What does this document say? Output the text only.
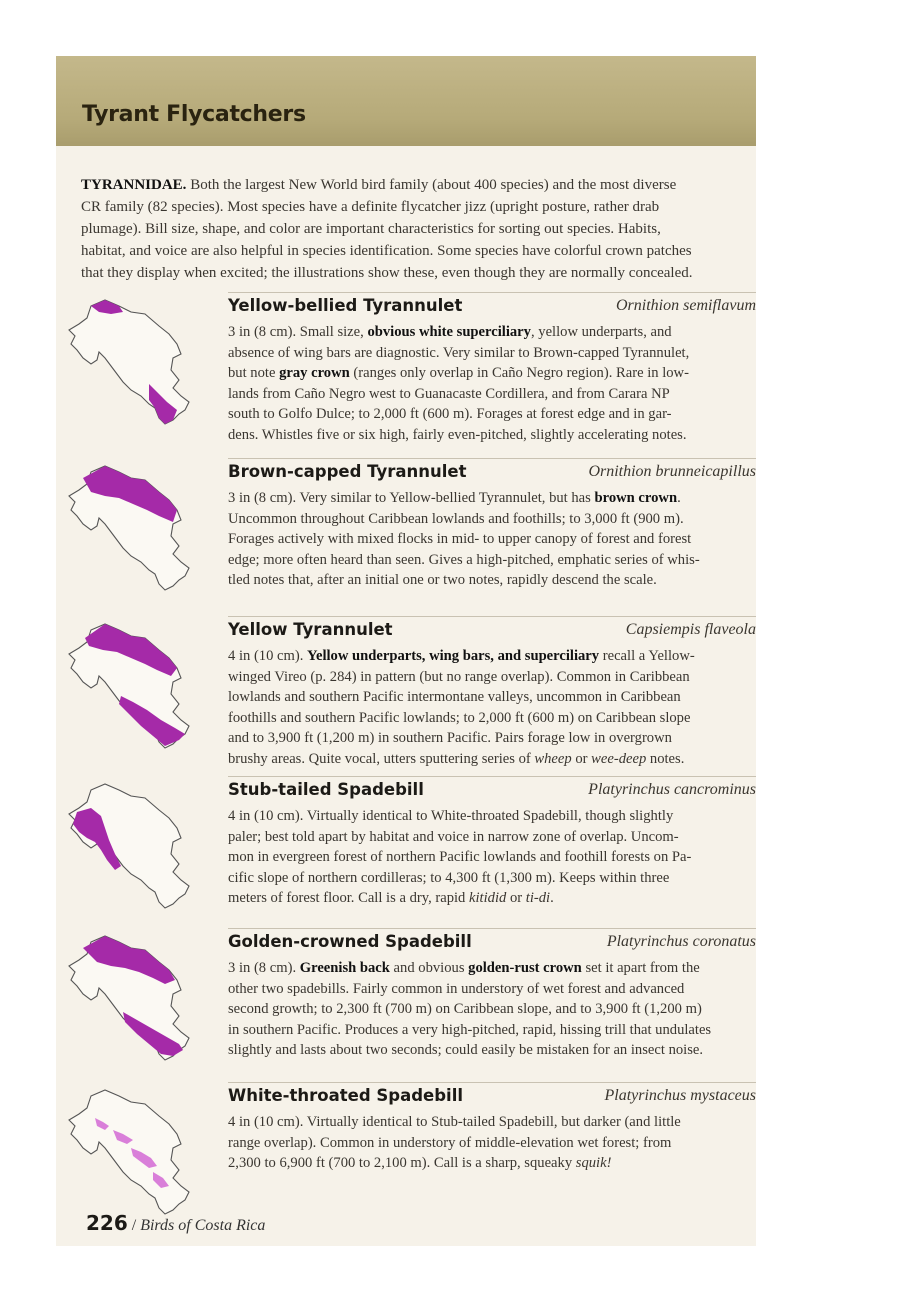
Tyrant Flycatchers
TYRANNIDAE. Both the largest New World bird family (about 400 species) and the most diverse
CR family (82 species). Most species have a definite flycatcher jizz (upright posture, rather drab
plumage). Bill size, shape, and color are important characteristics for sorting out species. Habits,
habitat, and voice are also helpful in species identification. Some species have colorful crown patches
that they display when excited; the illustrations show these, even though they are normally concealed.
Yellow-bellied Tyrannulet	Ornithion semiflavum
3 in (8 cm). Small size, obvious white superciliary, yellow underparts, and
absence of wing bars are diagnostic. Very similar to Brown-capped Tyrannulet,
but note gray crown (ranges only overlap in Caño Negro region). Rare in low-
lands from Caño Negro west to Guanacaste Cordillera, and from Carara NP
south to Golfo Dulce; to 2,000 ft (600 m). Forages at forest edge and in gar-
dens. Whistles five or six high, fairly even-pitched, slightly accelerating notes.
Brown-capped Tyrannulet	Ornithion brunneicapillus
3 in (8 cm). Very similar to Yellow-bellied Tyrannulet, but has brown crown.
Uncommon throughout Caribbean lowlands and foothills; to 3,000 ft (900 m).
Forages actively with mixed flocks in mid- to upper canopy of forest and forest
edge; more often heard than seen. Gives a high-pitched, emphatic series of whis-
tled notes that, after an initial one or two notes, rapidly descend the scale.
Yellow Tyrannulet	Capsiempis flaveola
4 in (10 cm). Yellow underparts, wing bars, and superciliary recall a Yellow-
winged Vireo (p. 284) in pattern (but no range overlap). Common in Caribbean
lowlands and southern Pacific intermontane valleys, uncommon in Caribbean
foothills and southern Pacific lowlands; to 2,000 ft (600 m) on Caribbean slope
and to 3,900 ft (1,200 m) in southern Pacific. Pairs forage low in overgrown
brushy areas. Quite vocal, utters sputtering series of wheep or wee-deep notes.
Stub-tailed Spadebill	Platyrinchus cancrominus
4 in (10 cm). Virtually identical to White-throated Spadebill, though slightly
paler; best told apart by habitat and voice in narrow zone of overlap. Uncom-
mon in evergreen forest of northern Pacific lowlands and foothill forests on Pa-
cific slope of northern cordilleras; to 4,300 ft (1,300 m). Keeps within three
meters of forest floor. Call is a dry, rapid kitidid or ti-di.
Golden-crowned Spadebill	Platyrinchus coronatus
3 in (8 cm). Greenish back and obvious golden-rust crown set it apart from the
other two spadebills. Fairly common in understory of wet forest and advanced
second growth; to 2,300 ft (700 m) on Caribbean slope, and to 3,900 ft (1,200 m)
in southern Pacific. Produces a very high-pitched, rapid, hissing trill that undulates
slightly and lasts about two seconds; could easily be mistaken for an insect noise.
White-throated Spadebill	Platyrinchus mystaceus
4 in (10 cm). Virtually identical to Stub-tailed Spadebill, but darker (and little
range overlap). Common in understory of middle-elevation wet forest; from
2,300 to 6,900 ft (700 to 2,100 m). Call is a sharp, squeaky squik!
226 / Birds of Costa Rica
